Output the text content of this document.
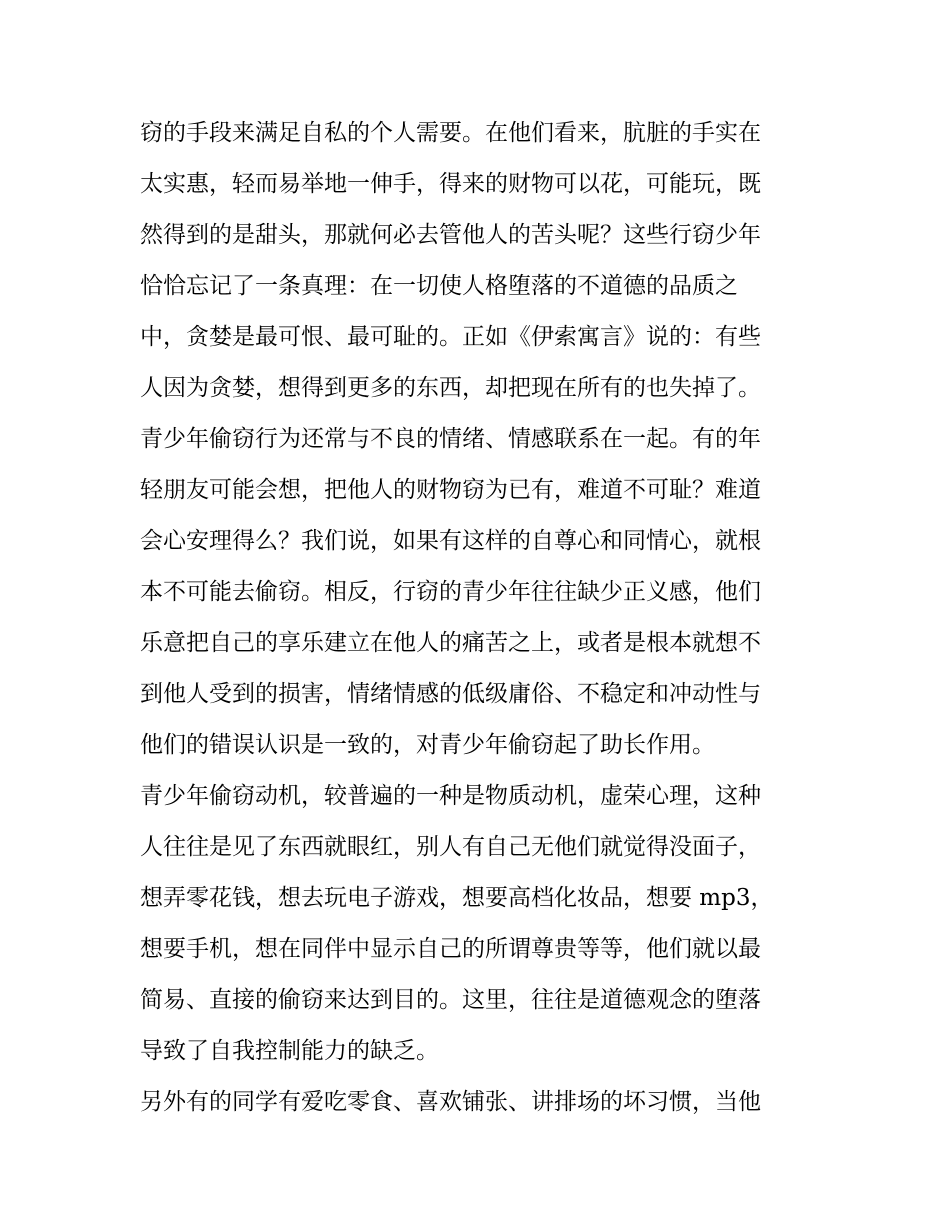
窃的手段来满足自私的个人需要。在他们看来，肮脏的手实在

太实惠，轻而易举地一伸手，得来的财物可以花，可能玩，既

然得到的是甜头，那就何必去管他人的苦头呢？这些行窃少年

恰恰忘记了一条真理：在一切使人格堕落的不道德的品质之

中，贪婪是最可恨、最可耻的。正如《伊索寓言》说的：有些

人因为贪婪，想得到更多的东西，却把现在所有的也失掉了。

青少年偷窃行为还常与不良的情绪、情感联系在一起。有的年

轻朋友可能会想，把他人的财物窃为已有，难道不可耻？难道

会心安理得么？我们说，如果有这样的自尊心和同情心，就根

本不可能去偷窃。相反，行窃的青少年往往缺少正义感，他们

乐意把自己的享乐建立在他人的痛苦之上，或者是根本就想不

到他人受到的损害，情绪情感的低级庸俗、不稳定和冲动性与

他们的错误认识是一致的，对青少年偷窃起了助长作用。

青少年偷窃动机，较普遍的一种是物质动机，虚荣心理，这种

人往往是见了东西就眼红，别人有自己无他们就觉得没面子，

想弄零花钱，想去玩电子游戏，想要高档化妆品，想要 mp3，

想要手机，想在同伴中显示自己的所谓尊贵等等，他们就以最

简易、直接的偷窃来达到目的。这里，往往是道德观念的堕落

导致了自我控制能力的缺乏。

另外有的同学有爱吃零食、喜欢铺张、讲排场的坏习惯，当他
